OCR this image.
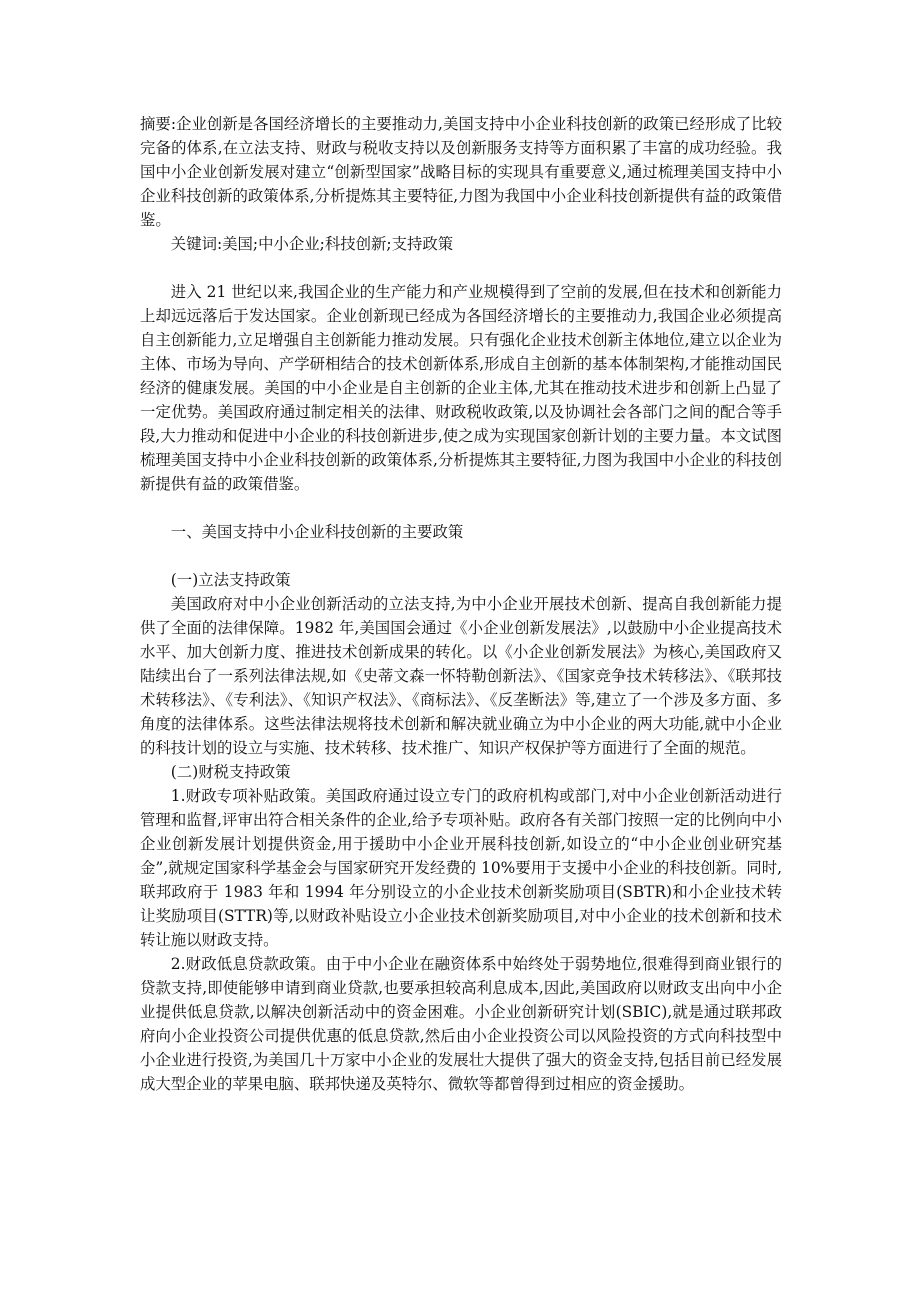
摘要:企业创新是各国经济增长的主要推动力,美国支持中小企业科技创新的政策已经形成了比较完备的体系,在立法支持、财政与税收支持以及创新服务支持等方面积累了丰富的成功经验。我国中小企业创新发展对建立“创新型国家”战略目标的实现具有重要意义,通过梳理美国支持中小企业科技创新的政策体系,分析提炼其主要特征,力图为我国中小企业科技创新提供有益的政策借鉴。

关键词:美国;中小企业;科技创新;支持政策

进入 21 世纪以来,我国企业的生产能力和产业规模得到了空前的发展,但在技术和创新能力上却远远落后于发达国家。企业创新现已经成为各国经济增长的主要推动力,我国企业必须提高自主创新能力,立足增强自主创新能力推动发展。只有强化企业技术创新主体地位,建立以企业为主体、市场为导向、产学研相结合的技术创新体系,形成自主创新的基本体制架构,才能推动国民经济的健康发展。美国的中小企业是自主创新的企业主体,尤其在推动技术进步和创新上凸显了一定优势。美国政府通过制定相关的法律、财政税收政策,以及协调社会各部门之间的配合等手段,大力推动和促进中小企业的科技创新进步,使之成为实现国家创新计划的主要力量。本文试图梳理美国支持中小企业科技创新的政策体系,分析提炼其主要特征,力图为我国中小企业的科技创新提供有益的政策借鉴。

一、美国支持中小企业科技创新的主要政策

(一)立法支持政策

美国政府对中小企业创新活动的立法支持,为中小企业开展技术创新、提高自我创新能力提供了全面的法律保障。1982 年,美国国会通过《小企业创新发展法》,以鼓励中小企业提高技术水平、加大创新力度、推进技术创新成果的转化。以《小企业创新发展法》为核心,美国政府又陆续出台了一系列法律法规,如《史蒂文森一怀特勒创新法》、《国家竞争技术转移法》、《联邦技术转移法》、《专利法》、《知识产权法》、《商标法》、《反垄断法》等,建立了一个涉及多方面、多角度的法律体系。这些法律法规将技术创新和解决就业确立为中小企业的两大功能,就中小企业的科技计划的设立与实施、技术转移、技术推广、知识产权保护等方面进行了全面的规范。

(二)财税支持政策

1.财政专项补贴政策。美国政府通过设立专门的政府机构或部门,对中小企业创新活动进行管理和监督,评审出符合相关条件的企业,给予专项补贴。政府各有关部门按照一定的比例向中小企业创新发展计划提供资金,用于援助中小企业开展科技创新,如设立的“中小企业创业研究基金”,就规定国家科学基金会与国家研究开发经费的 10%要用于支援中小企业的科技创新。同时,联邦政府于 1983 年和 1994 年分别设立的小企业技术创新奖励项目(SBTR)和小企业技术转让奖励项目(STTR)等,以财政补贴设立小企业技术创新奖励项目,对中小企业的技术创新和技术转让施以财政支持。

2.财政低息贷款政策。由于中小企业在融资体系中始终处于弱势地位,很难得到商业银行的贷款支持,即使能够申请到商业贷款,也要承担较高利息成本,因此,美国政府以财政支出向中小企业提供低息贷款,以解决创新活动中的资金困难。小企业创新研究计划(SBIC),就是通过联邦政府向小企业投资公司提供优惠的低息贷款,然后由小企业投资公司以风险投资的方式向科技型中小企业进行投资,为美国几十万家中小企业的发展壮大提供了强大的资金支持,包括目前已经发展成大型企业的苹果电脑、联邦快递及英特尔、微软等都曾得到过相应的资金援助。
